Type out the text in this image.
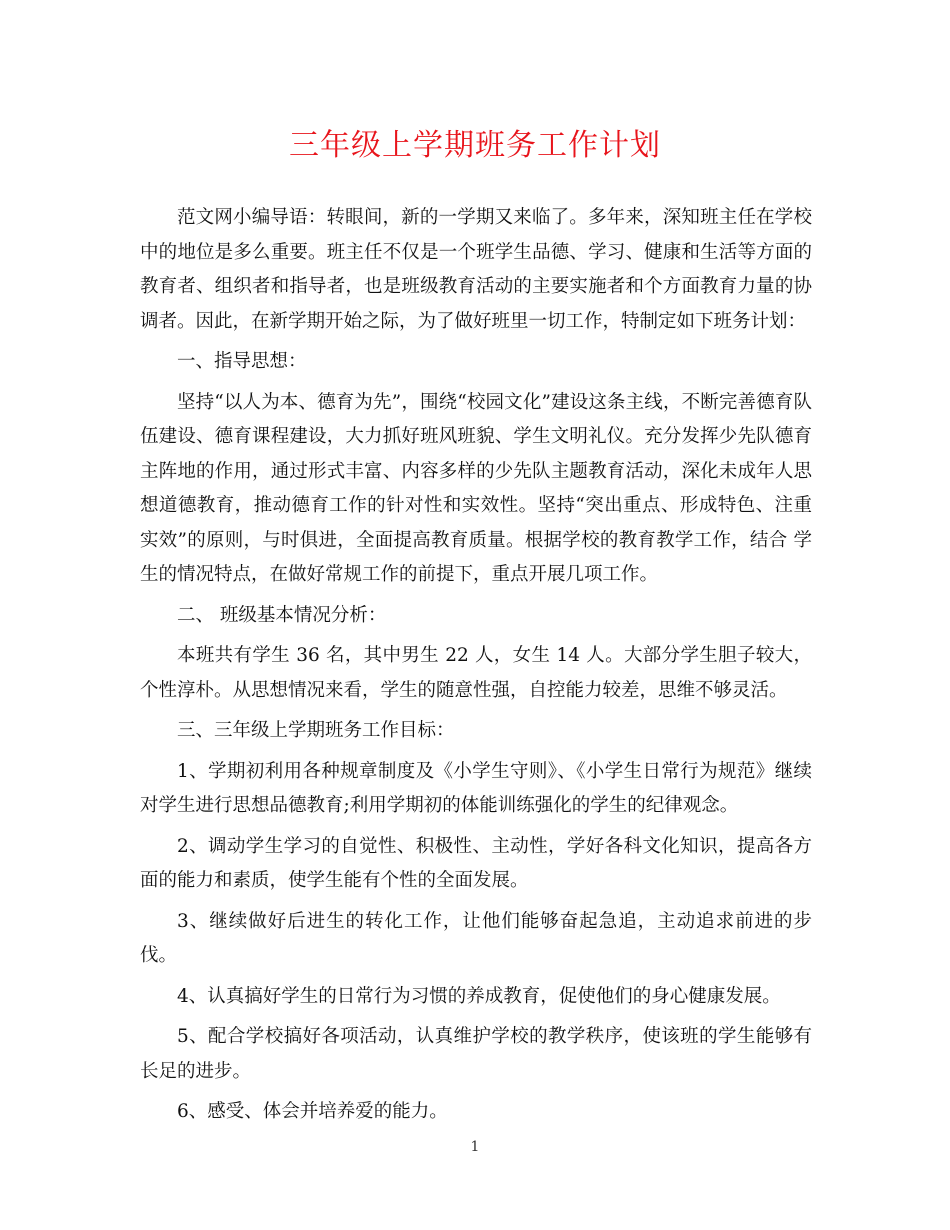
三年级上学期班务工作计划

范文网小编导语：转眼间，新的一学期又来临了。多年来，深知班主任在学校中的地位是多么重要。班主任不仅是一个班学生品德、学习、健康和生活等方面的教育者、组织者和指导者，也是班级教育活动的主要实施者和个方面教育力量的协调者。因此，在新学期开始之际，为了做好班里一切工作，特制定如下班务计划：

一、指导思想：

坚持“以人为本、德育为先”，围绕“校园文化”建设这条主线，不断完善德育队伍建设、德育课程建设，大力抓好班风班貌、学生文明礼仪。充分发挥少先队德育主阵地的作用，通过形式丰富、内容多样的少先队主题教育活动，深化未成年人思想道德教育，推动德育工作的针对性和实效性。坚持“突出重点、形成特色、注重实效”的原则，与时俱进，全面提高教育质量。根据学校的教育教学工作，结合 学生的情况特点，在做好常规工作的前提下，重点开展几项工作。

二、 班级基本情况分析：

本班共有学生 36 名，其中男生 22 人，女生 14 人。大部分学生胆子较大，个性淳朴。从思想情况来看，学生的随意性强，自控能力较差，思维不够灵活。

三、三年级上学期班务工作目标：

1、学期初利用各种规章制度及《小学生守则》、《小学生日常行为规范》继续对学生进行思想品德教育;利用学期初的体能训练强化的学生的纪律观念。

2、调动学生学习的自觉性、积极性、主动性，学好各科文化知识，提高各方面的能力和素质，使学生能有个性的全面发展。

3、继续做好后进生的转化工作，让他们能够奋起急追，主动追求前进的步伐。

4、认真搞好学生的日常行为习惯的养成教育，促使他们的身心健康发展。

5、配合学校搞好各项活动，认真维护学校的教学秩序，使该班的学生能够有长足的进步。

6、感受、体会并培养爱的能力。

1
